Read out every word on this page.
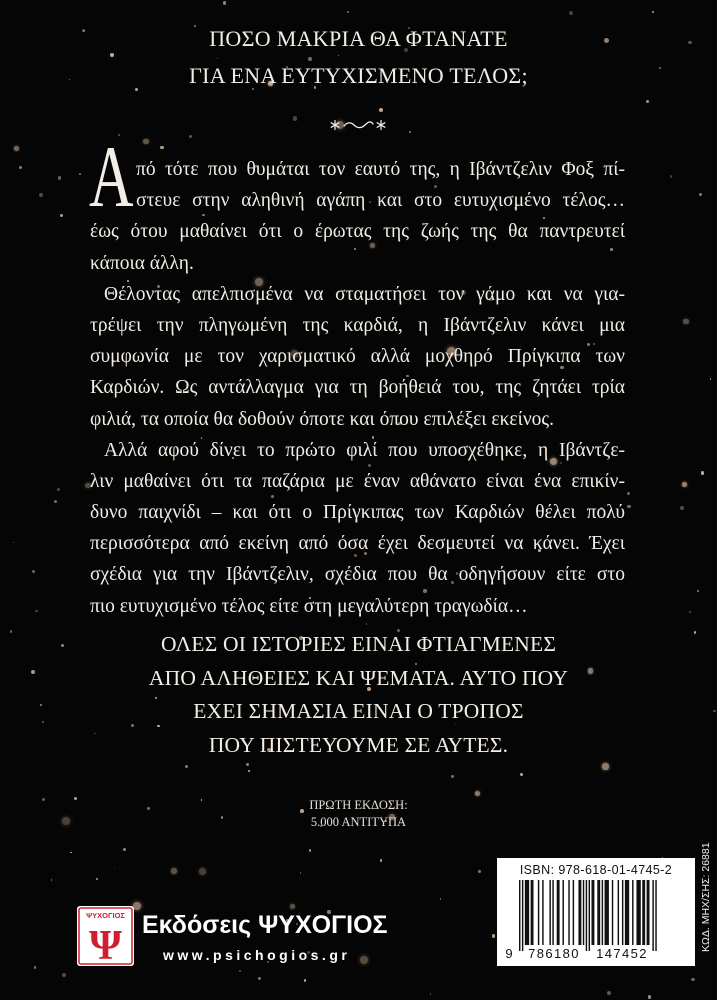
ΠΟΣΟ ΜΑΚΡΙΑ ΘΑ ΦΤΑΝΑΤΕ
ΓΙΑ ΕΝΑ ΕΥΤΥΧΙΣΜΕΝΟ ΤΕΛΟΣ;
Α πό τότε που θυμάται τον εαυτό της, η Ιβάντζελιν Φοξ πί-
στευε στην αληθινή αγάπη και στο ευτυχισμένο τέλος…
έως ότου μαθαίνει ότι ο έρωτας της ζωής της θα παντρευτεί
κάποια άλλη.
Θέλοντας απελπισμένα να σταματήσει τον γάμο και να για-
τρέψει την πληγωμένη της καρδιά, η Ιβάντζελιν κάνει μια
συμφωνία με τον χαρισματικό αλλά μοχθηρό Πρίγκιπα των
Καρδιών. Ως αντάλλαγμα για τη βοήθειά του, της ζητάει τρία
φιλιά, τα οποία θα δοθούν όποτε και όπου επιλέξει εκείνος.
Αλλά αφού δίνει το πρώτο φιλί που υποσχέθηκε, η Ιβάντζε-
λιν μαθαίνει ότι τα παζάρια με έναν αθάνατο είναι ένα επικίν-
δυνο παιχνίδι – και ότι ο Πρίγκιπας των Καρδιών θέλει πολύ
περισσότερα από εκείνη από όσα έχει δεσμευτεί να κάνει. Έχει
σχέδια για την Ιβάντζελιν, σχέδια που θα οδηγήσουν είτε στο
πιο ευτυχισμένο τέλος είτε στη μεγαλύτερη τραγωδία…
ΟΛΕΣ ΟΙ ΙΣΤΟΡΙΕΣ ΕΙΝΑΙ ΦΤΙΑΓΜΕΝΕΣ
ΑΠΟ ΑΛΗΘΕΙΕΣ ΚΑΙ ΨΕΜΑΤΑ. ΑΥΤΟ ΠΟΥ
ΕΧΕΙ ΣΗΜΑΣΙΑ ΕΙΝΑΙ Ο ΤΡΟΠΟΣ
ΠΟΥ ΠΙΣΤΕΥΟΥΜΕ ΣΕ ΑΥΤΕΣ.
ΠΡΩΤΗ ΕΚΔΟΣΗ:
5.000 ΑΝΤΙΤΥΠΑ
ISBN: 978-618-01-4745-2
9	786180	147452
ΚΩΔ. ΜΗΧ/ΣΗΣ: 26881
ΨΥΧΟΓΙΟΣ
Ψ Εκδόσεις ΨΥΧΟΓΙΟΣ
www.psichogios.gr
